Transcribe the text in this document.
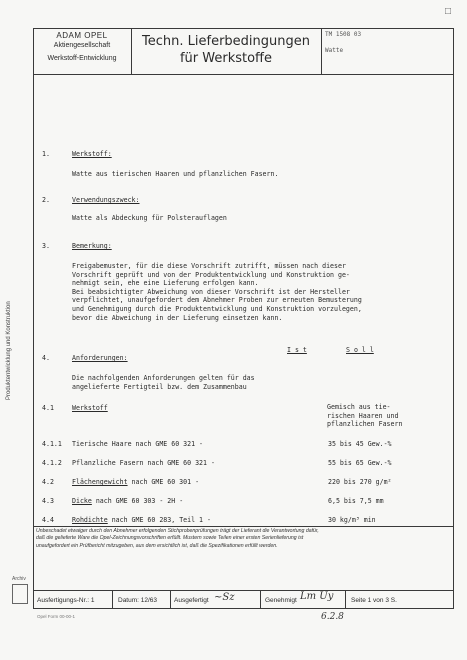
Produktentwicklung und Konstruktion
□
ADAM OPEL
Aktiengesellschaft
Werkstoff-Entwicklung
Techn. Lieferbedingungen
für Werkstoffe
TM 1508 03
Watte
1.	Werkstoff:
Watte aus tierischen Haaren und pflanzlichen Fasern.
2.	Verwendungszweck:
Watte als Abdeckung für Polsterauflagen
3.	Bemerkung:
Freigabemuster, für die diese Vorschrift zutrifft, müssen nach dieser
Vorschrift geprüft und von der Produktentwicklung und Konstruktion ge-
nehmigt sein, ehe eine Lieferung erfolgen kann.
Bei beabsichtigter Abweichung von dieser Vorschrift ist der Hersteller
verpflichtet, unaufgefordert dem Abnehmer Proben zur erneuten Bemusterung
und Genehmigung durch die Produktentwicklung und Konstruktion vorzulegen,
bevor die Abweichung in der Lieferung einsetzen kann.
I s t	S o l l
4.	Anforderungen:
Die nachfolgenden Anforderungen gelten für das
angelieferte Fertigteil bzw. dem Zusammenbau
4.1	Werkstoff	Gemisch aus tie-
rischen Haaren und
pflanzlichen Fasern
4.1.1 Tierische Haare nach GME 60 321 -	35 bis 45 Gew.-%
4.1.2 Pflanzliche Fasern nach GME 60 321 -	55 bis 65 Gew.-%
4.2	Flächengewicht nach GME 60 301 -	220 bis 270 g/m²
4.3	Dicke nach GME 60 303 - 2H -	6,5 bis 7,5 mm
4.4	Rohdichte nach GME 60 283, Teil 1 -	30 kg/m³ min
Unbeschadet etwaiger durch den Abnehmer erfolgenden Stichprobenprüfungen trägt der Lieferant die Verantwortung dafür,
daß die gelieferte Ware die Opel-Zeichnungsvorschriften erfüllt. Mustern sowie Teilen einer ersten Serienlieferung ist
unaufgefordert ein Prüfbericht mitzugeben, aus dem ersichtlich ist, daß die Spezifikationen erfüllt werden.
Archiv
Ausfertigungs-Nr.: 1	Datum: 12/63	Ausgefertigt ~Sz	Genehmigt Lm Uy	Seite 1 von 3 S.
Opel Form 00-00-1	6.2.8
